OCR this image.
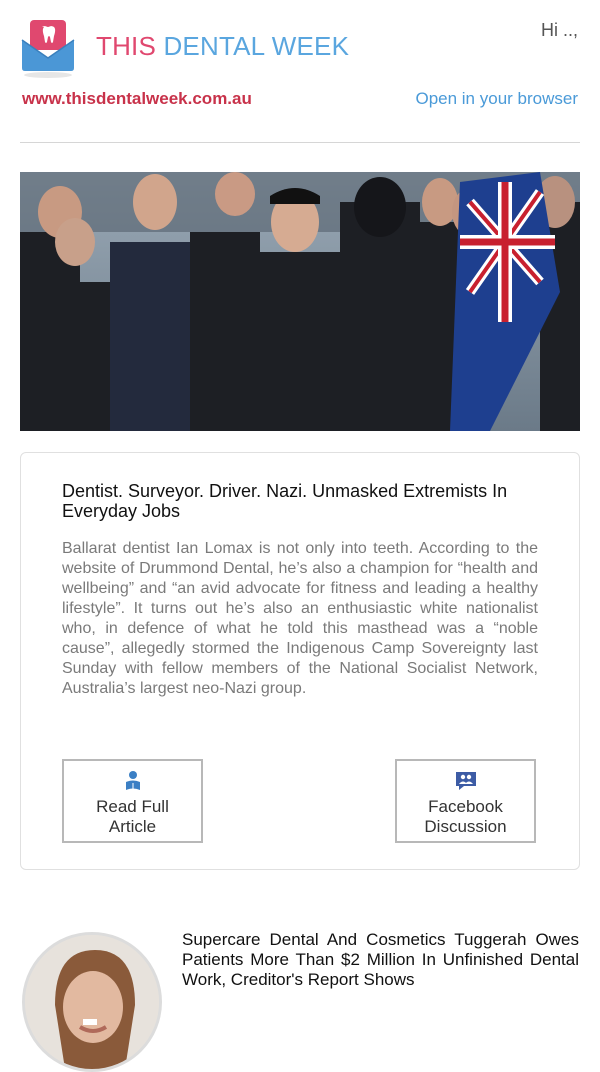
THIS DENTAL WEEK
Hi ..,
www.thisdentalweek.com.au	Open in your browser
Dentist. Surveyor. Driver. Nazi. Unmasked Extremists In Everyday Jobs
Ballarat dentist Ian Lomax is not only into teeth. According to the website of Drummond Dental, he’s also a champion for “health and wellbeing” and “an avid advocate for fitness and leading a healthy lifestyle”. It turns out he’s also an enthusiastic white nationalist who, in defence of what he told this masthead was a “noble cause”, allegedly stormed the Indigenous Camp Sovereignty last Sunday with fellow members of the National Socialist Network, Australia’s largest neo-Nazi group.
Read Full Article
Facebook Discussion
Supercare Dental And Cosmetics Tuggerah Owes Patients More Than $2 Million In Unfinished Dental Work, Creditor's Report Shows
